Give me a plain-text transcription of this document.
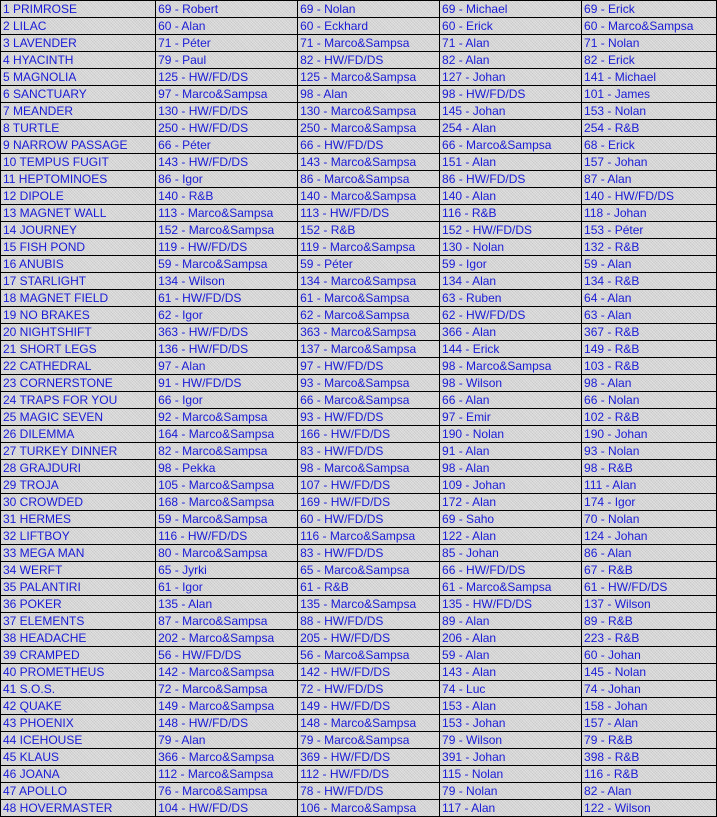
1 PRIMROSE	69 - Robert	69 - Nolan	69 - Michael	69 - Erick
2 LILAC	60 - Alan	60 - Eckhard	60 - Erick	60 - Marco&Sampsa
3 LAVENDER	71 - Péter	71 - Marco&Sampsa	71 - Alan	71 - Nolan
4 HYACINTH	79 - Paul	82 - HW/FD/DS	82 - Alan	82 - Erick
5 MAGNOLIA	125 - HW/FD/DS	125 - Marco&Sampsa	127 - Johan	141 - Michael
6 SANCTUARY	97 - Marco&Sampsa	98 - Alan	98 - HW/FD/DS	101 - James
7 MEANDER	130 - HW/FD/DS	130 - Marco&Sampsa	145 - Johan	153 - Nolan
8 TURTLE	250 - HW/FD/DS	250 - Marco&Sampsa	254 - Alan	254 - R&B
9 NARROW PASSAGE	66 - Péter	66 - HW/FD/DS	66 - Marco&Sampsa	68 - Erick
10 TEMPUS FUGIT	143 - HW/FD/DS	143 - Marco&Sampsa	151 - Alan	157 - Johan
11 HEPTOMINOES	86 - Igor	86 - Marco&Sampsa	86 - HW/FD/DS	87 - Alan
12 DIPOLE	140 - R&B	140 - Marco&Sampsa	140 - Alan	140 - HW/FD/DS
13 MAGNET WALL	113 - Marco&Sampsa	113 - HW/FD/DS	116 - R&B	118 - Johan
14 JOURNEY	152 - Marco&Sampsa	152 - R&B	152 - HW/FD/DS	153 - Péter
15 FISH POND	119 - HW/FD/DS	119 - Marco&Sampsa	130 - Nolan	132 - R&B
16 ANUBIS	59 - Marco&Sampsa	59 - Péter	59 - Igor	59 - Alan
17 STARLIGHT	134 - Wilson	134 - Marco&Sampsa	134 - Alan	134 - R&B
18 MAGNET FIELD	61 - HW/FD/DS	61 - Marco&Sampsa	63 - Ruben	64 - Alan
19 NO BRAKES	62 - Igor	62 - Marco&Sampsa	62 - HW/FD/DS	63 - Alan
20 NIGHTSHIFT	363 - HW/FD/DS	363 - Marco&Sampsa	366 - Alan	367 - R&B
21 SHORT LEGS	136 - HW/FD/DS	137 - Marco&Sampsa	144 - Erick	149 - R&B
22 CATHEDRAL	97 - Alan	97 - HW/FD/DS	98 - Marco&Sampsa	103 - R&B
23 CORNERSTONE	91 - HW/FD/DS	93 - Marco&Sampsa	98 - Wilson	98 - Alan
24 TRAPS FOR YOU	66 - Igor	66 - Marco&Sampsa	66 - Alan	66 - Nolan
25 MAGIC SEVEN	92 - Marco&Sampsa	93 - HW/FD/DS	97 - Emir	102 - R&B
26 DILEMMA	164 - Marco&Sampsa	166 - HW/FD/DS	190 - Nolan	190 - Johan
27 TURKEY DINNER	82 - Marco&Sampsa	83 - HW/FD/DS	91 - Alan	93 - Nolan
28 GRAJDURI	98 - Pekka	98 - Marco&Sampsa	98 - Alan	98 - R&B
29 TROJA	105 - Marco&Sampsa	107 - HW/FD/DS	109 - Johan	111 - Alan
30 CROWDED	168 - Marco&Sampsa	169 - HW/FD/DS	172 - Alan	174 - Igor
31 HERMES	59 - Marco&Sampsa	60 - HW/FD/DS	69 - Saho	70 - Nolan
32 LIFTBOY	116 - HW/FD/DS	116 - Marco&Sampsa	122 - Alan	124 - Johan
33 MEGA MAN	80 - Marco&Sampsa	83 - HW/FD/DS	85 - Johan	86 - Alan
34 WERFT	65 - Jyrki	65 - Marco&Sampsa	66 - HW/FD/DS	67 - R&B
35 PALANTIRI	61 - Igor	61 - R&B	61 - Marco&Sampsa	61 - HW/FD/DS
36 POKER	135 - Alan	135 - Marco&Sampsa	135 - HW/FD/DS	137 - Wilson
37 ELEMENTS	87 - Marco&Sampsa	88 - HW/FD/DS	89 - Alan	89 - R&B
38 HEADACHE	202 - Marco&Sampsa	205 - HW/FD/DS	206 - Alan	223 - R&B
39 CRAMPED	56 - HW/FD/DS	56 - Marco&Sampsa	59 - Alan	60 - Johan
40 PROMETHEUS	142 - Marco&Sampsa	142 - HW/FD/DS	143 - Alan	145 - Nolan
41 S.O.S.	72 - Marco&Sampsa	72 - HW/FD/DS	74 - Luc	74 - Johan
42 QUAKE	149 - Marco&Sampsa	149 - HW/FD/DS	153 - Alan	158 - Johan
43 PHOENIX	148 - HW/FD/DS	148 - Marco&Sampsa	153 - Johan	157 - Alan
44 ICEHOUSE	79 - Alan	79 - Marco&Sampsa	79 - Wilson	79 - R&B
45 KLAUS	366 - Marco&Sampsa	369 - HW/FD/DS	391 - Johan	398 - R&B
46 JOANA	112 - Marco&Sampsa	112 - HW/FD/DS	115 - Nolan	116 - R&B
47 APOLLO	76 - Marco&Sampsa	78 - HW/FD/DS	79 - Nolan	82 - Alan
48 HOVERMASTER	104 - HW/FD/DS	106 - Marco&Sampsa	117 - Alan	122 - Wilson
